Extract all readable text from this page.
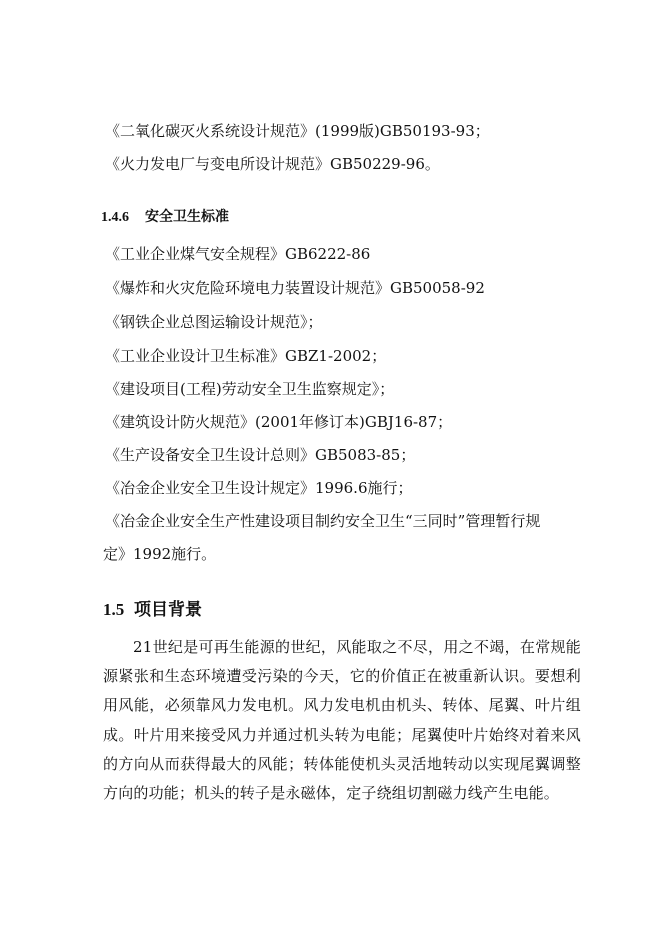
《二氧化碳灭火系统设计规范》(1999版)GB50193-93；
《火力发电厂与变电所设计规范》GB50229-96。
1.4.6 安全卫生标准
《工业企业煤气安全规程》GB6222-86
《爆炸和火灾危险环境电力装置设计规范》GB50058-92
《钢铁企业总图运输设计规范》；
《工业企业设计卫生标准》GBZ1-2002；
《建设项目(工程)劳动安全卫生监察规定》；
《建筑设计防火规范》(2001年修订本)GBJ16-87；
《生产设备安全卫生设计总则》GB5083-85；
《冶金企业安全卫生设计规定》1996.6施行；
《冶金企业安全生产性建设项目制约安全卫生“三同时”管理暂行规
定》1992施行。
1.5 项目背景

21世纪是可再生能源的世纪，风能取之不尽，用之不竭，在常规能源紧张和生态环境遭受污染的今天，它的价值正在被重新认识。要想利用风能，必须靠风力发电机。风力发电机由机头、转体、尾翼、叶片组成。叶片用来接受风力并通过机头转为电能；尾翼使叶片始终对着来风的方向从而获得最大的风能；转体能使机头灵活地转动以实现尾翼调整方向的功能；机头的转子是永磁体，定子绕组切割磁力线产生电能。
